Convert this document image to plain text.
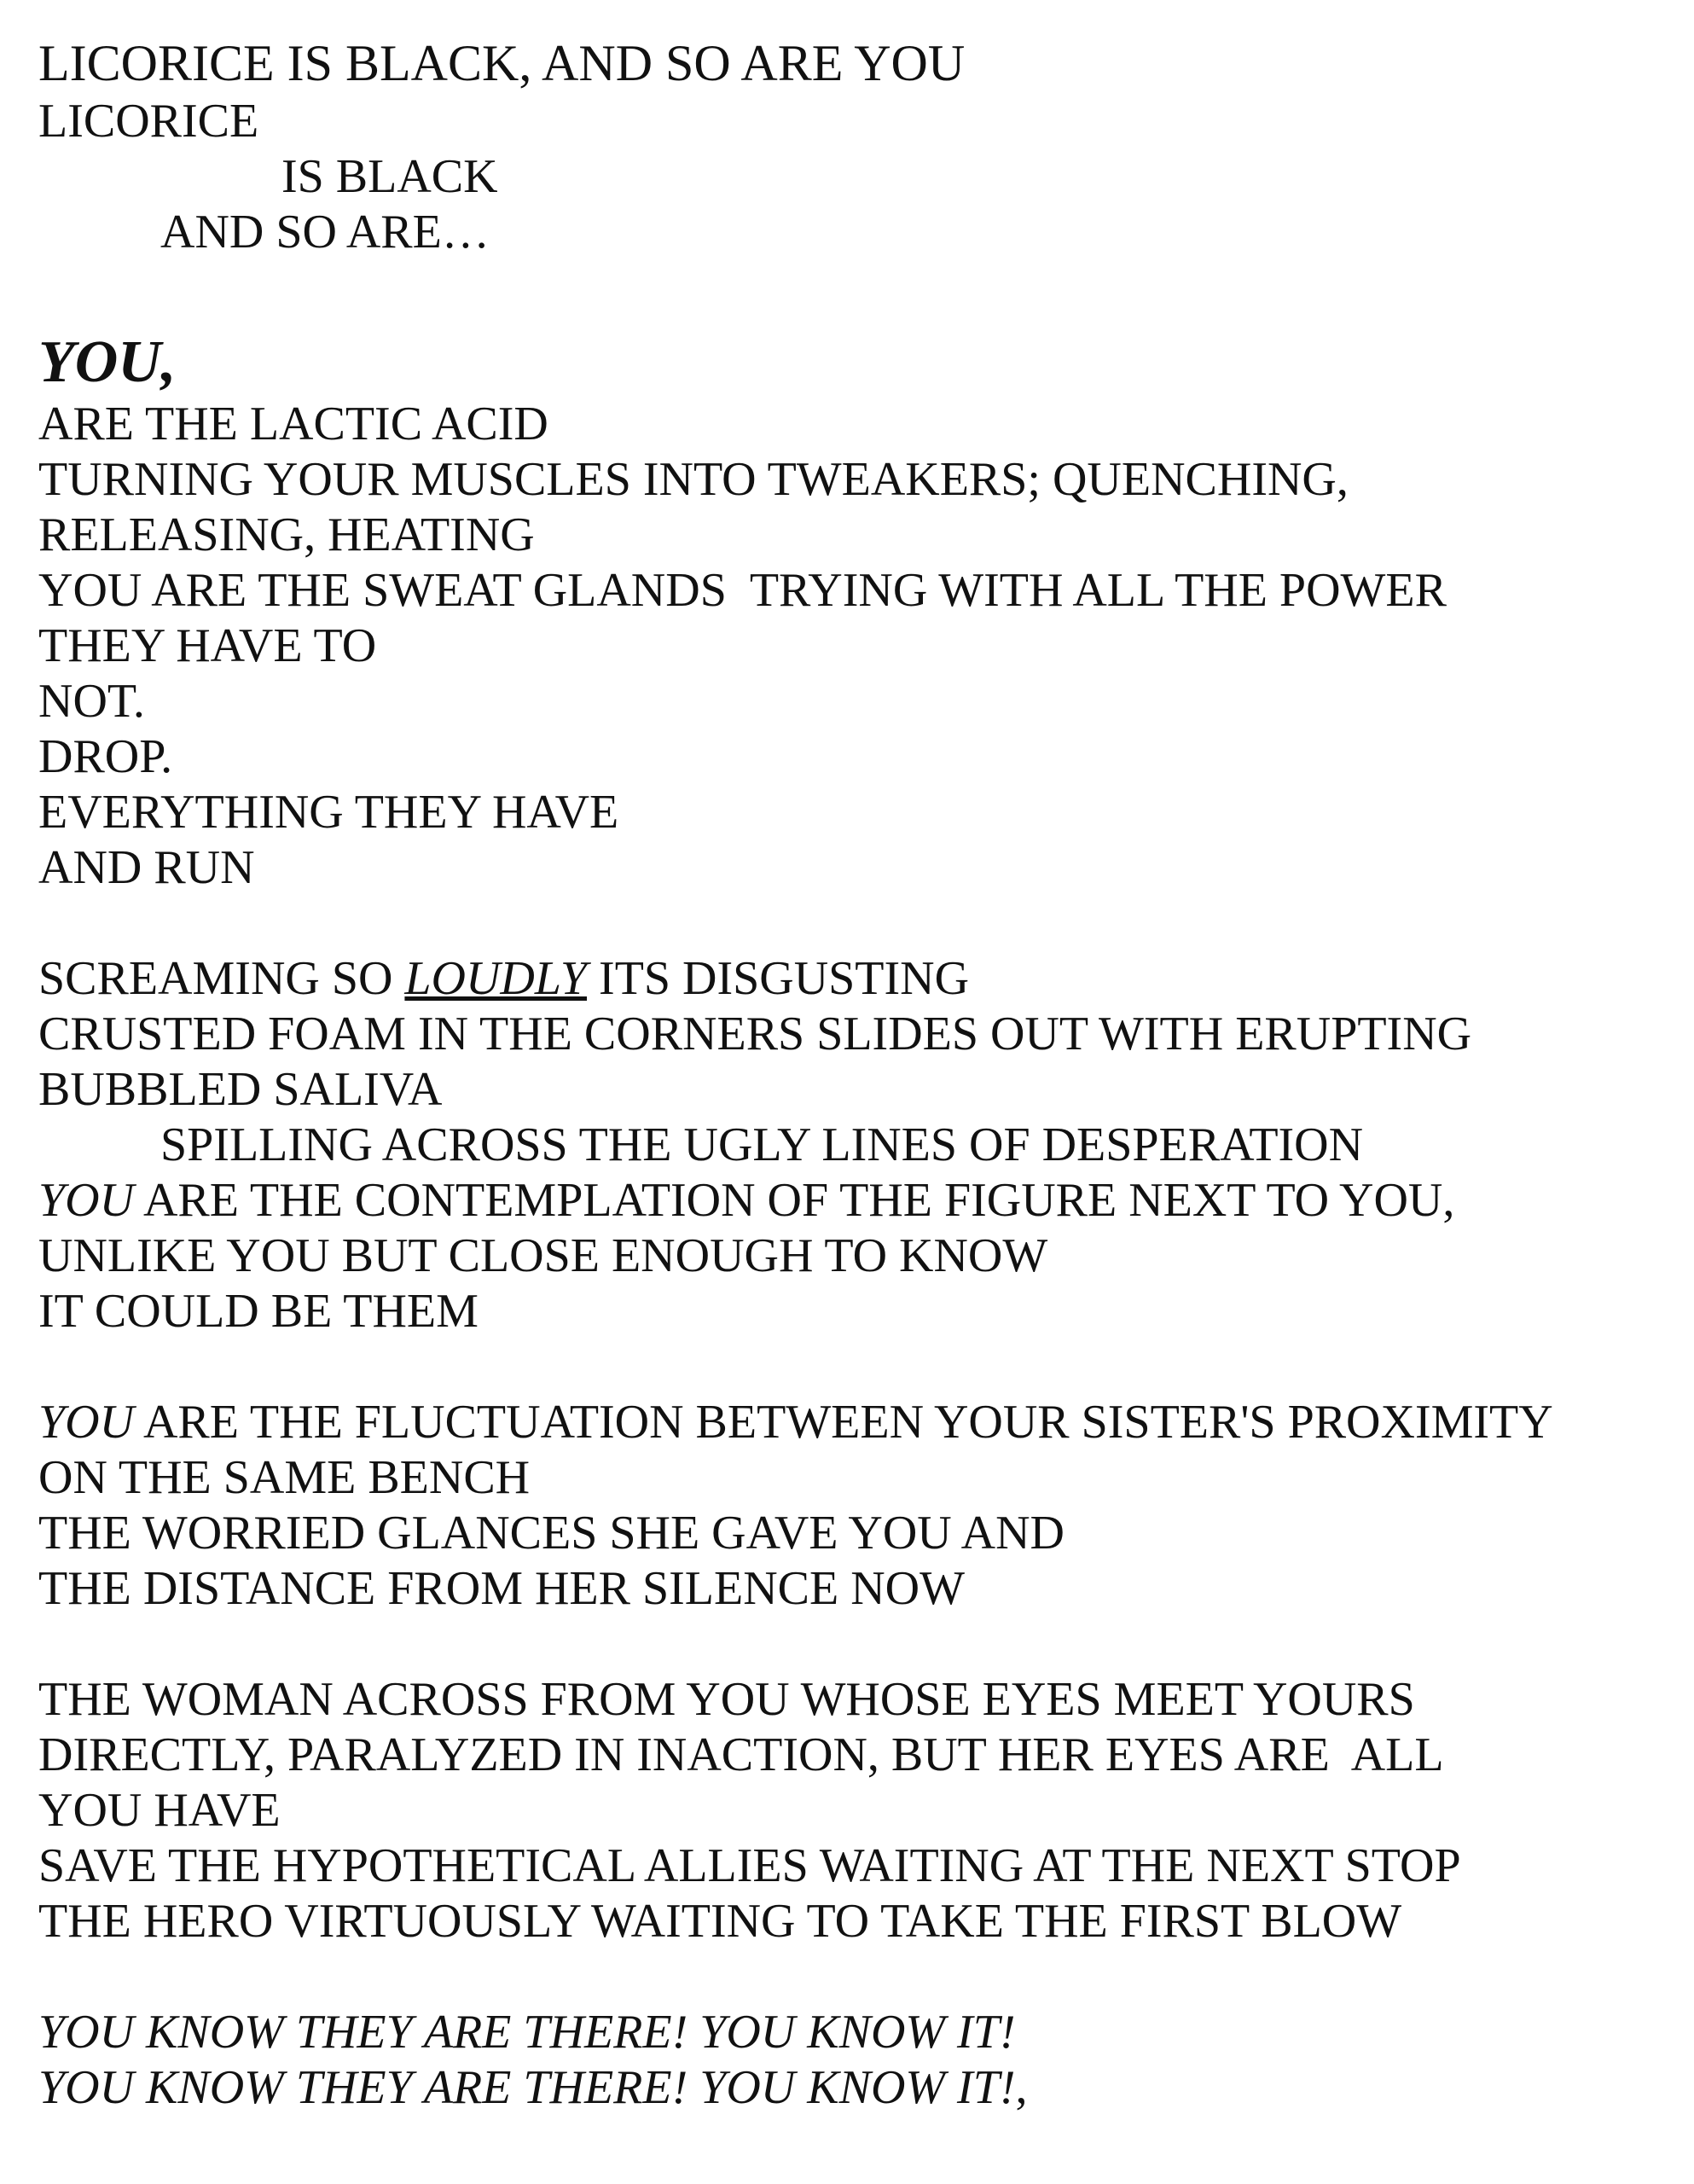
LICORICE IS BLACK, AND SO ARE YOU
LICORICE
IS BLACK
AND SO ARE…
YOU,
ARE THE LACTIC ACID
TURNING YOUR MUSCLES INTO TWEAKERS; QUENCHING,
RELEASING, HEATING
YOU ARE THE SWEAT GLANDS  TRYING WITH ALL THE POWER
THEY HAVE TO
NOT.
DROP.
EVERYTHING THEY HAVE
AND RUN
SCREAMING SO LOUDLY ITS DISGUSTING
CRUSTED FOAM IN THE CORNERS SLIDES OUT WITH ERUPTING
BUBBLED SALIVA
SPILLING ACROSS THE UGLY LINES OF DESPERATION
YOU ARE THE CONTEMPLATION OF THE FIGURE NEXT TO YOU,
UNLIKE YOU BUT CLOSE ENOUGH TO KNOW
IT COULD BE THEM
YOU ARE THE FLUCTUATION BETWEEN YOUR SISTER'S PROXIMITY
ON THE SAME BENCH
THE WORRIED GLANCES SHE GAVE YOU AND
THE DISTANCE FROM HER SILENCE NOW
THE WOMAN ACROSS FROM YOU WHOSE EYES MEET YOURS
DIRECTLY, PARALYZED IN INACTION, BUT HER EYES ARE  ALL
YOU HAVE
SAVE THE HYPOTHETICAL ALLIES WAITING AT THE NEXT STOP
THE HERO VIRTUOUSLY WAITING TO TAKE THE FIRST BLOW
YOU KNOW THEY ARE THERE! YOU KNOW IT!
YOU KNOW THEY ARE THERE! YOU KNOW IT!,
